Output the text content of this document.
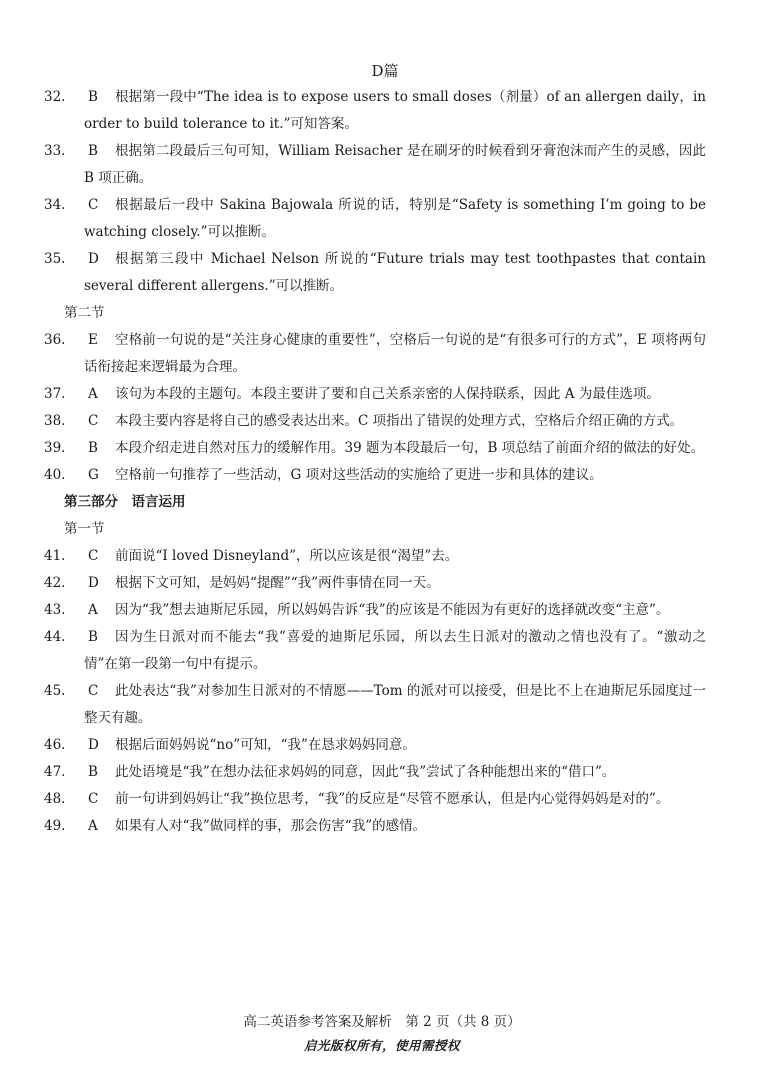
D篇
32. B 根据第一段中“The idea is to expose users to small doses（剂量）of an allergen daily，in order to build tolerance to it.”可知答案。
33. B 根据第二段最后三句可知，William Reisacher 是在刷牙的时候看到牙膏泡沫而产生的灵感，因此 B 项正确。
34. C 根据最后一段中 Sakina Bajowala 所说的话，特别是“Safety is something I’m going to be watching closely.”可以推断。
35. D 根据第三段中 Michael Nelson 所说的“Future trials may test toothpastes that contain several different allergens.”可以推断。
第二节
36. E 空格前一句说的是“关注身心健康的重要性”，空格后一句说的是“有很多可行的方式”，E 项将两句话衔接起来逻辑最为合理。
37. A 该句为本段的主题句。本段主要讲了要和自己关系亲密的人保持联系，因此 A 为最佳选项。
38. C 本段主要内容是将自己的感受表达出来。C 项指出了错误的处理方式，空格后介绍正确的方式。
39. B 本段介绍走进自然对压力的缓解作用。39 题为本段最后一句，B 项总结了前面介绍的做法的好处。
40. G 空格前一句推荐了一些活动，G 项对这些活动的实施给了更进一步和具体的建议。
第三部分　语言运用
第一节
41. C 前面说“I loved Disneyland”，所以应该是很“渴望”去。
42. D 根据下文可知，是妈妈“提醒”“我”两件事情在同一天。
43. A 因为“我”想去迪斯尼乐园，所以妈妈告诉“我”的应该是不能因为有更好的选择就改变“主意”。
44. B 因为生日派对而不能去“我”喜爱的迪斯尼乐园，所以去生日派对的激动之情也没有了。“激动之情”在第一段第一句中有提示。
45. C 此处表达“我”对参加生日派对的不情愿——Tom 的派对可以接受，但是比不上在迪斯尼乐园度过一整天有趣。
46. D 根据后面妈妈说“no”可知，“我”在恳求妈妈同意。
47. B 此处语境是“我”在想办法征求妈妈的同意，因此“我”尝试了各种能想出来的“借口”。
48. C 前一句讲到妈妈让“我”换位思考，“我”的反应是“尽管不愿承认，但是内心觉得妈妈是对的”。
49. A 如果有人对“我”做同样的事，那会伤害“我”的感情。
高二英语参考答案及解析　第 2 页（共 8 页）
启光版权所有，使用需授权
